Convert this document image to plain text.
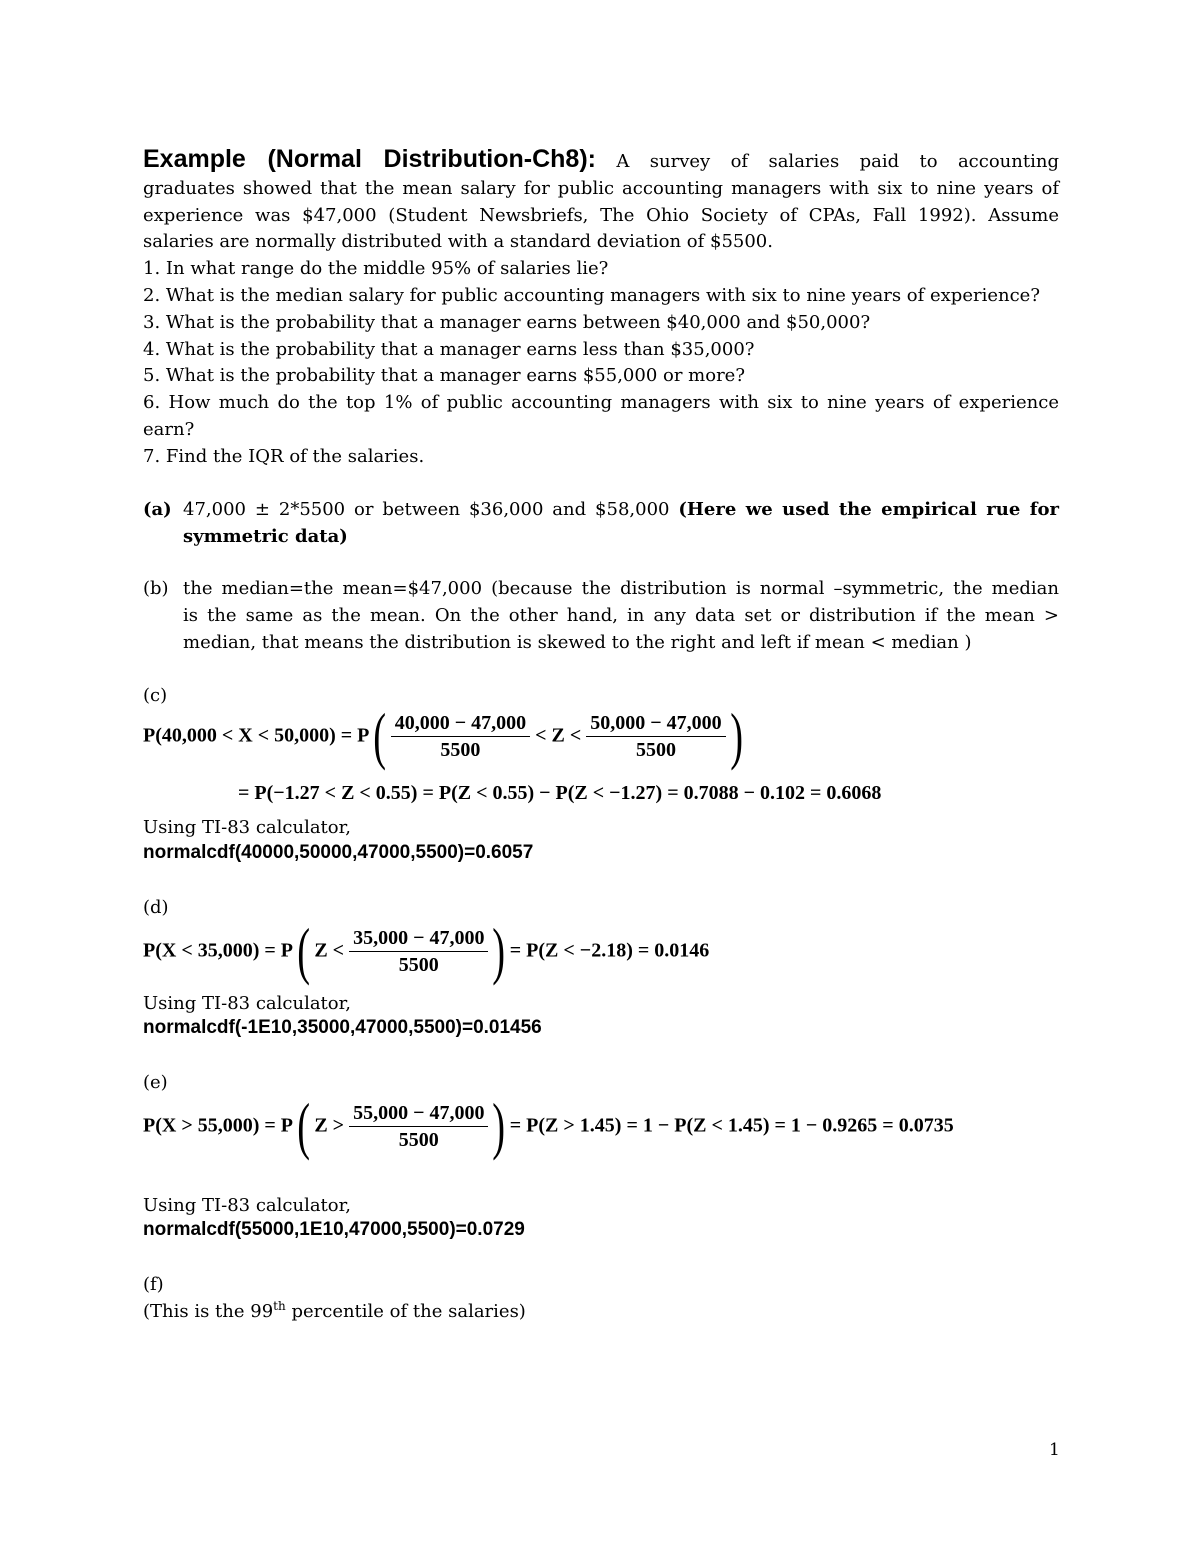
Example (Normal Distribution-Ch8): A survey of salaries paid to accounting
graduates showed that the mean salary for public accounting managers with six to nine years of
experience was $47,000 (Student Newsbriefs, The Ohio Society of CPAs, Fall 1992). Assume
salaries are normally distributed with a standard deviation of $5500.
1. In what range do the middle 95% of salaries lie?
2. What is the median salary for public accounting managers with six to nine years of experience?
3. What is the probability that a manager earns between $40,000 and $50,000?
4. What is the probability that a manager earns less than $35,000?
5. What is the probability that a manager earns $55,000 or more?
6. How much do the top 1% of public accounting managers with six to nine years of experience
earn?
7. Find the IQR of the salaries.
(a) 47,000 ± 2*5500 or between $36,000 and $58,000 (Here we used the empirical rue for
symmetric data)
(b) the median=the mean=$47,000 (because the distribution is normal –symmetric, the median
is the same as the mean. On the other hand, in any data set or distribution if the mean >
median, that means the distribution is skewed to the right and left if mean < median )
(c)
$P(40,000 < X < 50,000) = P( \frac{40,000 - 47,000}{5500} < Z < \frac{50,000 - 47,000}{5500}$ )
= P(−1.27 < Z < 0.55) = P(Z < 0.55) − P(Z < −1.27) = 0.7088 − 0.102 = 0.6068
Using TI-83 calculator,
normalcdf(40000,50000,47000,5500)=0.6057
(d)
P(X < 35,000) = P( $Z < \frac{35,000 - 47,000}{5500}$ ) = P(Z < −2.18) = 0.0146
Using TI-83 calculator,
normalcdf(-1E10,35000,47000,5500)=0.01456
(e)
P(X > 55,000) = P( $Z > \frac{55,000 - 47,000}{5500}$ ) = P(Z > 1.45) = 1 − P(Z < 1.45) = 1 − 0.9265 = 0.0735
Using TI-83 calculator,
normalcdf(55000,1E10,47000,5500)=0.0729
(f)
(This is the 99th percentile of the salaries)
1
